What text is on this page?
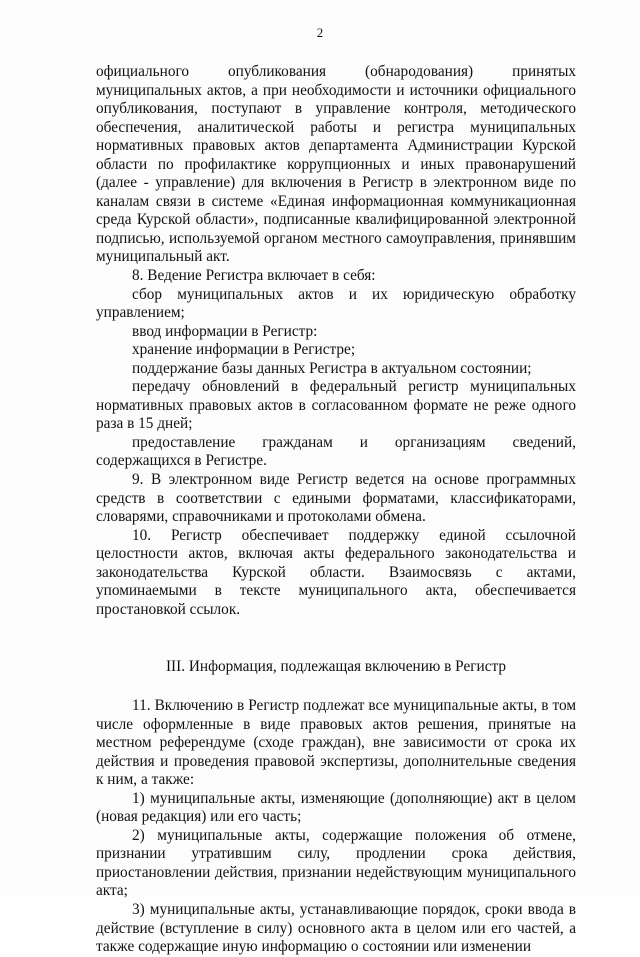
2

официального опубликования (обнародования) принятых муниципальных актов, а при необходимости и источники официального опубликования, поступают в управление контроля, методического обеспечения, аналитической работы и регистра муниципальных нормативных правовых актов департамента Администрации Курской области по профилактике коррупционных и иных правонарушений (далее - управление) для включения в Регистр в электронном виде по каналам связи в системе «Единая информационная коммуникационная среда Курской области», подписанные квалифицированной электронной подписью, используемой органом местного самоуправления, принявшим муниципальный акт.

8. Ведение Регистра включает в себя:

сбор муниципальных актов и их юридическую обработку управлением;

ввод информации в Регистр:

хранение информации в Регистре;

поддержание базы данных Регистра в актуальном состоянии;

передачу обновлений в федеральный регистр муниципальных нормативных правовых актов в согласованном формате не реже одного раза в 15 дней;

предоставление гражданам и организациям сведений, содержащихся в Регистре.

9. В электронном виде Регистр ведется на основе программных средств в соответствии с едиными форматами, классификаторами, словарями, справочниками и протоколами обмена.

10. Регистр обеспечивает поддержку единой ссылочной целостности актов, включая акты федерального законодательства и законодательства Курской области. Взаимосвязь с актами, упоминаемыми в тексте муниципального акта, обеспечивается простановкой ссылок.

III. Информация, подлежащая включению в Регистр

11. Включению в Регистр подлежат все муниципальные акты, в том числе оформленные в виде правовых актов решения, принятые на местном референдуме (сходе граждан), вне зависимости от срока их действия и проведения правовой экспертизы, дополнительные сведения к ним, а также:

1) муниципальные акты, изменяющие (дополняющие) акт в целом (новая редакция) или его часть;

2) муниципальные акты, содержащие положения об отмене, признании утратившим силу, продлении срока действия, приостановлении действия, признании недействующим муниципального акта;

3) муниципальные акты, устанавливающие порядок, сроки ввода в действие (вступление в силу) основного акта в целом или его частей, а также содержащие иную информацию о состоянии или изменении
